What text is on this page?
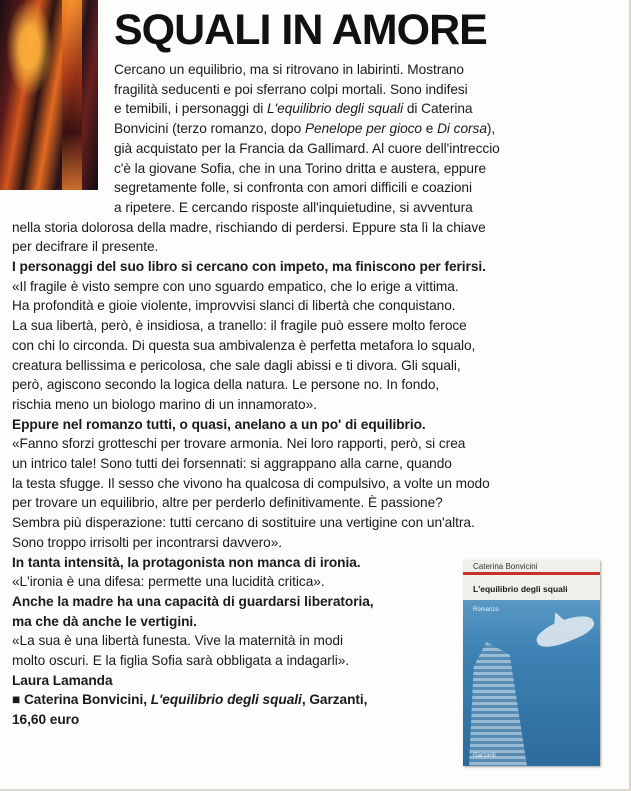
SQUALI IN AMORE
Cercano un equilibrio, ma si ritrovano in labirinti. Mostrano
fragilità seducenti e poi sferrano colpi mortali. Sono indifesi
e temibili, i personaggi di L'equilibrio degli squali di Caterina
Bonvicini (terzo romanzo, dopo Penelope per gioco e Di corsa),
già acquistato per la Francia da Gallimard. Al cuore dell'intreccio
c'è la giovane Sofia, che in una Torino dritta e austera, eppure
segretamente folle, si confronta con amori difficili e coazioni
a ripetere. E cercando risposte all'inquietudine, si avventura
nella storia dolorosa della madre, rischiando di perdersi. Eppure sta lì la chiave
per decifrare il presente.
I personaggi del suo libro si cercano con impeto, ma finiscono per ferirsi.
«Il fragile è visto sempre con uno sguardo empatico, che lo erige a vittima.
Ha profondità e gioie violente, improvvisi slanci di libertà che conquistano.
La sua libertà, però, è insidiosa, a tranello: il fragile può essere molto feroce
con chi lo circonda. Di questa sua ambivalenza è perfetta metafora lo squalo,
creatura bellissima e pericolosa, che sale dagli abissi e ti divora. Gli squali,
però, agiscono secondo la logica della natura. Le persone no. In fondo,
rischia meno un biologo marino di un innamorato».
Eppure nel romanzo tutti, o quasi, anelano a un po' di equilibrio.
«Fanno sforzi grotteschi per trovare armonia. Nei loro rapporti, però, si crea
un intrico tale! Sono tutti dei forsennati: si aggrappano alla carne, quando
la testa sfugge. Il sesso che vivono ha qualcosa di compulsivo, a volte un modo
per trovare un equilibrio, altre per perderlo definitivamente. È passione?
Sembra più disperazione: tutti cercano di sostituire una vertigine con un'altra.
Sono troppo irrisolti per incontrarsi davvero».
In tanta intensità, la protagonista non manca di ironia.
«L'ironia è una difesa: permette una lucidità critica».
Anche la madre ha una capacità di guardarsi liberatoria,
ma che dà anche le vertigini.
«La sua è una libertà funesta. Vive la maternità in modi
molto oscuri. E la figlia Sofia sarà obbligata a indagarli».
Laura Lamanda
■ Caterina Bonvicini, L'equilibrio degli squali, Garzanti,
16,60 euro
Caterina Bonvicini
L'equilibrio degli squali
Romanzo
Garzanti
